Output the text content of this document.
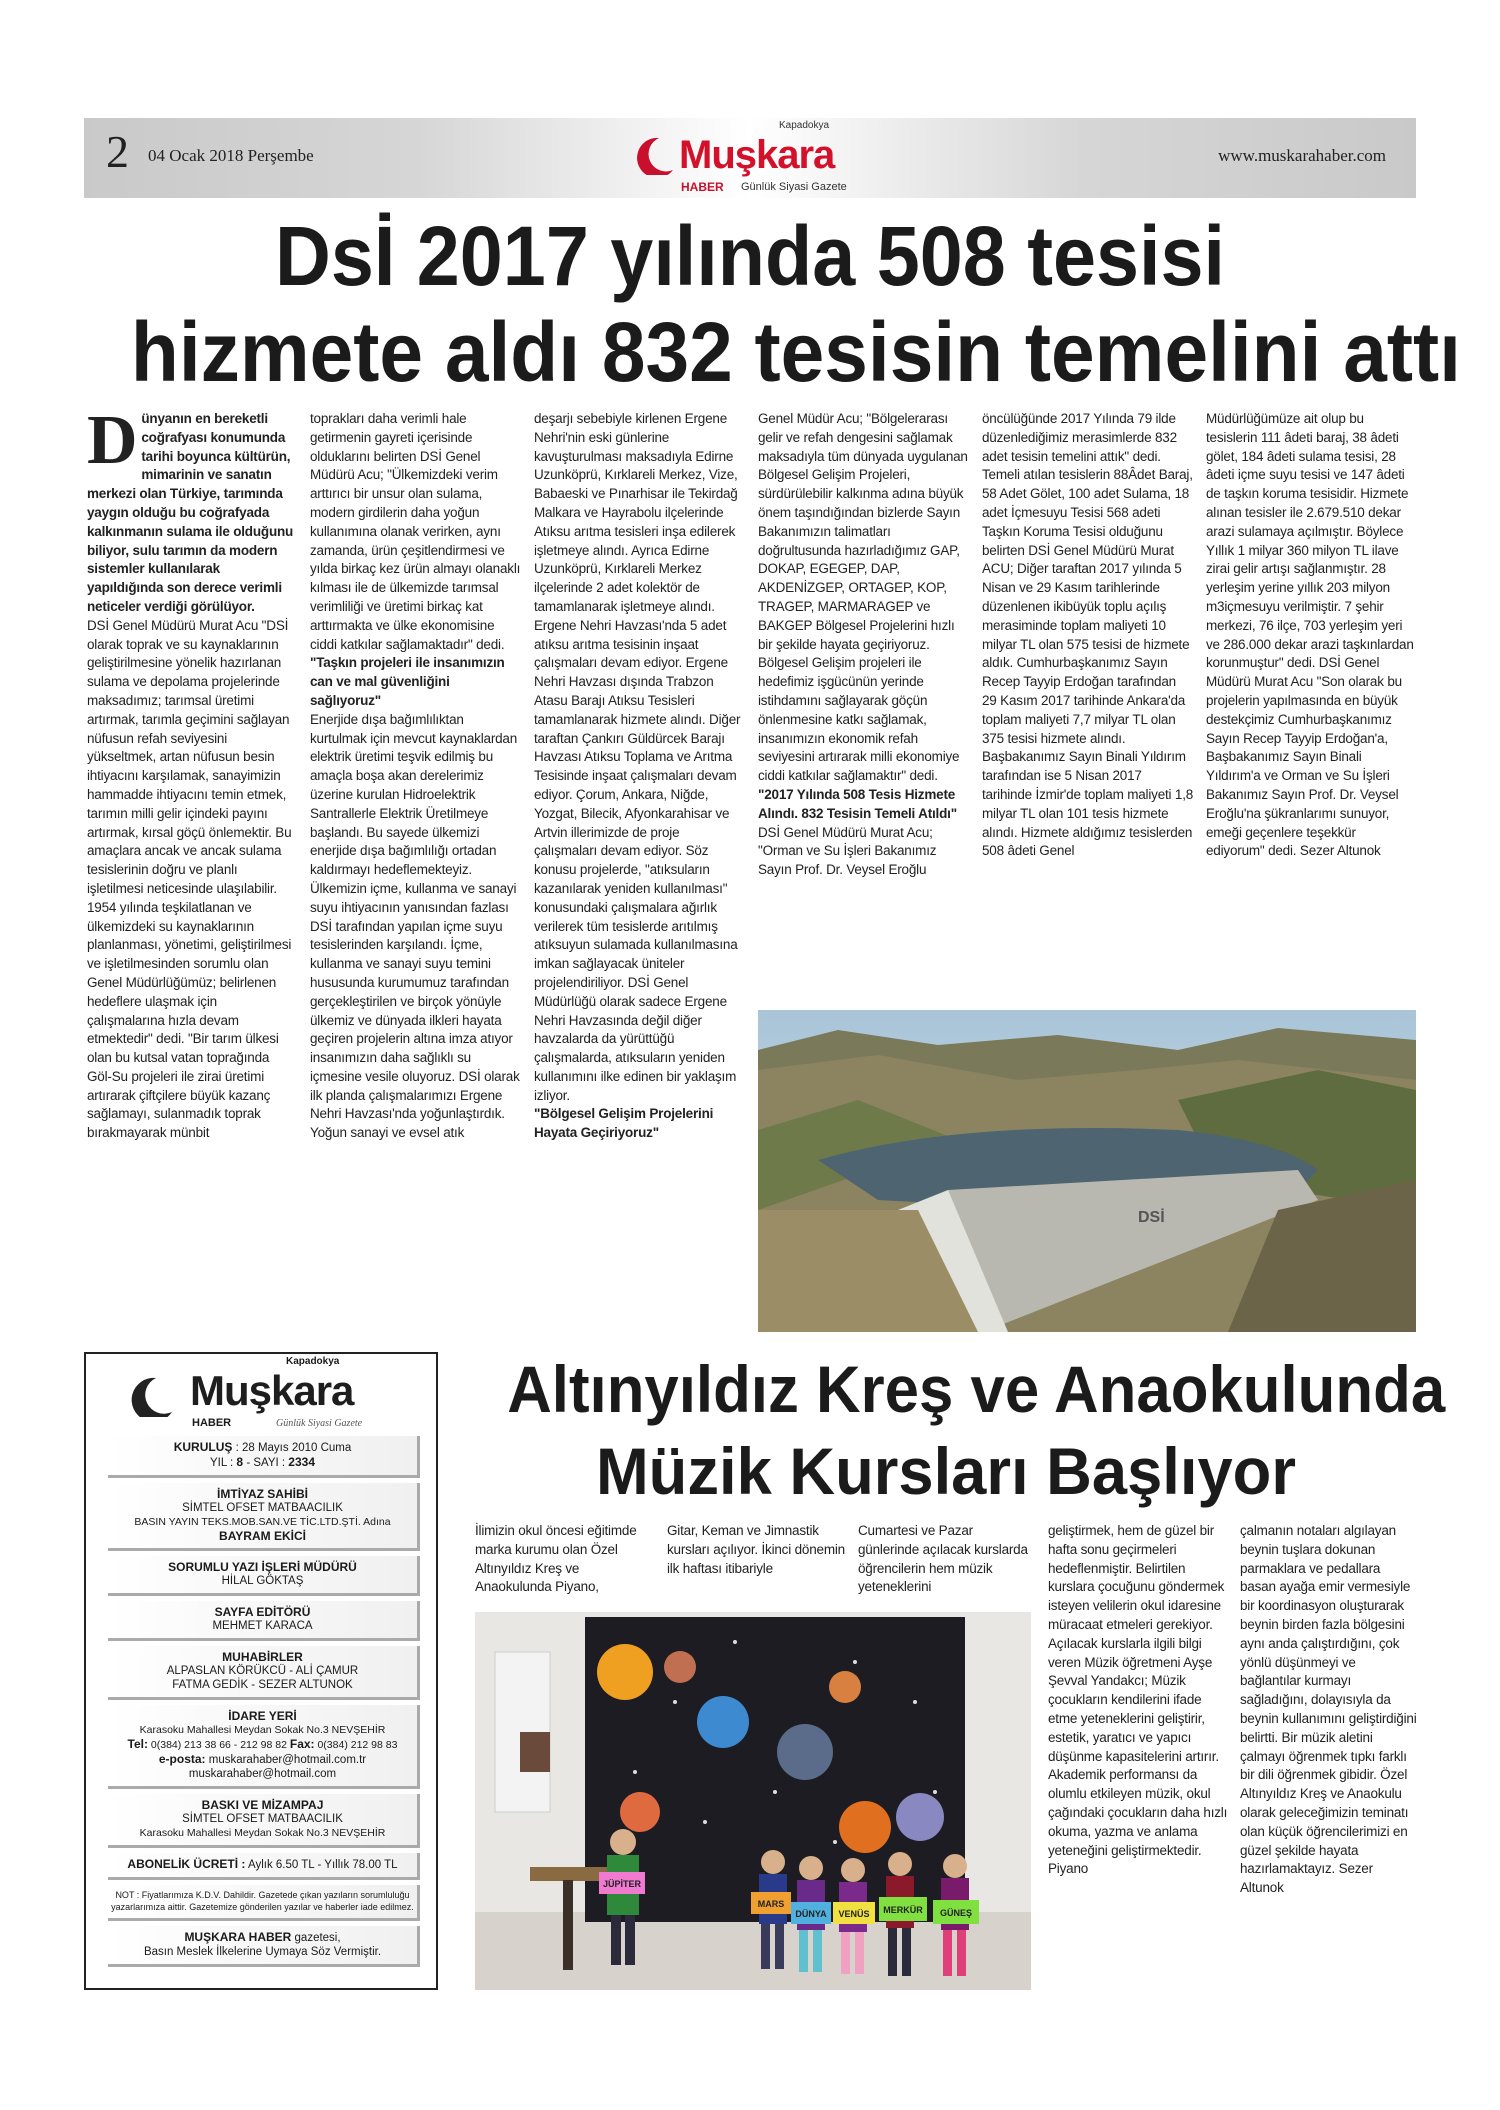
2 04 Ocak 2018 Perşembe
Kapadokya
Muşkara
HABER Günlük Siyasi Gazete
www.muskarahaber.com
Dsİ 2017 yılında 508 tesisi
hizmete aldı 832 tesisin temelini attı
D ünyanın en bereketli coğrafyası konumunda tarihi boyunca kültürün, mimarinin ve sanatın merkezi olan Türkiye, tarımında yaygın olduğu bu coğrafyada kalkınmanın sulama ile olduğunu biliyor, sulu tarımın da modern sistemler kullanılarak yapıldığında son derece verimli neticeler verdiği görülüyor.

DSİ Genel Müdürü Murat Acu "DSİ olarak toprak ve su kaynaklarının geliştirilmesine yönelik hazırlanan sulama ve depolama projelerinde maksadımız; tarımsal üretimi artırmak, tarımla geçimini sağlayan nüfusun refah seviyesini yükseltmek, artan nüfusun besin ihtiyacını karşılamak, sanayimizin hammadde ihtiyacını temin etmek, tarımın milli gelir içindeki payını artırmak, kırsal göçü önlemektir. Bu amaçlara ancak ve ancak sulama tesislerinin doğru ve planlı işletilmesi neticesinde ulaşılabilir. 1954 yılında teşkilatlanan ve ülkemizdeki su kaynaklarının planlanması, yönetimi, geliştirilmesi ve işletilmesinden sorumlu olan Genel Müdürlüğümüz; belirlenen hedeflere ulaşmak için çalışmalarına hızla devam etmektedir" dedi. "Bir tarım ülkesi olan bu kutsal vatan toprağında Göl-Su projeleri ile zirai üretimi artırarak çiftçilere büyük kazanç sağlamayı, sulanmadık toprak bırakmayarak münbit

toprakları daha verimli hale getirmenin gayreti içerisinde olduklarını belirten DSİ Genel Müdürü Acu; "Ülkemizdeki verim arttırıcı bir unsur olan sulama, modern girdilerin daha yoğun kullanımına olanak verirken, aynı zamanda, ürün çeşitlendirmesi ve yılda birkaç kez ürün almayı olanaklı kılması ile de ülkemizde tarımsal verimliliği ve üretimi birkaç kat arttırmakta ve ülke ekonomisine ciddi katkılar sağlamaktadır" dedi.

"Taşkın projeleri ile insanımızın can ve mal güvenliğini sağlıyoruz"

Enerjide dışa bağımlılıktan kurtulmak için mevcut kaynaklardan elektrik üretimi teşvik edilmiş bu amaçla boşa akan derelerimiz üzerine kurulan Hidroelektrik Santrallerle Elektrik Üretilmeye başlandı. Bu sayede ülkemizi enerjide dışa bağımlılığı ortadan kaldırmayı hedeflemekteyiz. Ülkemizin içme, kullanma ve sanayi suyu ihtiyacının yanısından fazlası DSİ tarafından yapılan içme suyu tesislerinden karşılandı. İçme, kullanma ve sanayi suyu temini hususunda kurumumuz tarafından gerçekleştirilen ve birçok yönüyle ülkemiz ve dünyada ilkleri hayata geçiren projelerin altına imza atıyor insanımızın daha sağlıklı su içmesine vesile oluyoruz. DSİ olarak ilk planda çalışmalarımızı Ergene Nehri Havzası'nda yoğunlaştırdık. Yoğun sanayi ve evsel atık

deşarjı sebebiyle kirlenen Ergene Nehri'nin eski günlerine kavuşturulması maksadıyla Edirne Uzunköprü, Kırklareli Merkez, Vize, Babaeski ve Pınarhisar ile Tekirdağ Malkara ve Hayrabolu ilçelerinde Atıksu arıtma tesisleri inşa edilerek işletmeye alındı. Ayrıca Edirne Uzunköprü, Kırklareli Merkez ilçelerinde 2 adet kolektör de tamamlanarak işletmeye alındı. Ergene Nehri Havzası'nda 5 adet atıksu arıtma tesisinin inşaat çalışmaları devam ediyor. Ergene Nehri Havzası dışında Trabzon Atasu Barajı Atıksu Tesisleri tamamlanarak hizmete alındı. Diğer taraftan Çankırı Güldürcek Barajı Havzası Atıksu Toplama ve Arıtma Tesisinde inşaat çalışmaları devam ediyor. Çorum, Ankara, Niğde, Yozgat, Bilecik, Afyonkarahisar ve Artvin illerimizde de proje çalışmaları devam ediyor. Söz konusu projelerde, "atıksuların kazanılarak yeniden kullanılması" konusundaki çalışmalara ağırlık verilerek tüm tesislerde arıtılmış atıksuyun sulamada kullanılmasına imkan sağlayacak üniteler projelendiriliyor. DSİ Genel Müdürlüğü olarak sadece Ergene Nehri Havzasında değil diğer havzalarda da yürüttüğü çalışmalarda, atıksuların yeniden kullanımını ilke edinen bir yaklaşım izliyor.

"Bölgesel Gelişim Projelerini Hayata Geçiriyoruz"

Genel Müdür Acu; "Bölgelerarası gelir ve refah dengesini sağlamak maksadıyla tüm dünyada uygulanan Bölgesel Gelişim Projeleri, sürdürülebilir kalkınma adına büyük önem taşındığından bizlerde Sayın Bakanımızın talimatları doğrultusunda hazırladığımız GAP, DOKAP, EGEGEP, DAP, AKDENİZGEP, ORTAGEP, KOP, TRAGEP, MARMARAGEP ve BAKGEP Bölgesel Projelerini hızlı bir şekilde hayata geçiriyoruz. Bölgesel Gelişim projeleri ile hedefimiz işgücünün yerinde istihdamını sağlayarak göçün önlenmesine katkı sağlamak, insanımızın ekonomik refah seviyesini artırarak milli ekonomiye ciddi katkılar sağlamaktır" dedi.

"2017 Yılında 508 Tesis Hizmete Alındı. 832 Tesisin Temeli Atıldı"

DSİ Genel Müdürü Murat Acu; "Orman ve Su İşleri Bakanımız Sayın Prof. Dr. Veysel Eroğlu

öncülüğünde 2017 Yılında 79 ilde düzenlediğimiz merasimlerde 832 adet tesisin temelini attık" dedi. Temeli atılan tesislerin 88Âdet Baraj, 58 Adet Gölet, 100 adet Sulama, 18 adet İçmesuyu Tesisi 568 adeti Taşkın Koruma Tesisi olduğunu belirten DSİ Genel Müdürü Murat ACU; Diğer taraftan 2017 yılında 5 Nisan ve 29 Kasım tarihlerinde düzenlenen ikibüyük toplu açılış merasiminde toplam maliyeti 10 milyar TL olan 575 tesisi de hizmete aldık. Cumhurbaşkanımız Sayın Recep Tayyip Erdoğan tarafından 29 Kasım 2017 tarihinde Ankara'da toplam maliyeti 7,7 milyar TL olan 375 tesisi hizmete alındı. Başbakanımız Sayın Binali Yıldırım tarafından ise 5 Nisan 2017 tarihinde İzmir'de toplam maliyeti 1,8 milyar TL olan 101 tesis hizmete alındı. Hizmete aldığımız tesislerden 508 âdeti Genel

Müdürlüğümüze ait olup bu tesislerin 111 âdeti baraj, 38 âdeti gölet, 184 âdeti sulama tesisi, 28 âdeti içme suyu tesisi ve 147 âdeti de taşkın koruma tesisidir. Hizmete alınan tesisler ile 2.679.510 dekar arazi sulamaya açılmıştır. Böylece Yıllık 1 milyar 360 milyon TL ilave zirai gelir artışı sağlanmıştır. 28 yerleşim yerine yıllık 203 milyon m3içmesuyu verilmiştir. 7 şehir merkezi, 76 ilçe, 703 yerleşim yeri ve 286.000 dekar arazi taşkınlardan korunmuştur" dedi. DSİ Genel Müdürü Murat Acu "Son olarak bu projelerin yapılmasında en büyük destekçimiz Cumhurbaşkanımız Sayın Recep Tayyip Erdoğan'a, Başbakanımız Sayın Binali Yıldırım'a ve Orman ve Su İşleri Bakanımız Sayın Prof. Dr. Veysel Eroğlu'na şükranlarımı sunuyor, emeği geçenlere teşekkür ediyorum" dedi. Sezer Altunok

DSİ
Kapadokya
Muşkara
HABER	Günlük Siyasi Gazete
KURULUŞ : 28 Mayıs 2010 Cuma
YIL : 8 - SAYI : 2334
İMTİYAZ SAHİBİ
SİMTEL OFSET MATBAACILIK
BASIN YAYIN TEKS.MOB.SAN.VE TİC.LTD.ŞTİ. Adına
BAYRAM EKİCİ
SORUMLU YAZI İŞLERİ MÜDÜRÜ
HİLAL GÖKTAŞ
SAYFA EDİTÖRÜ
MEHMET KARACA
MUHABİRLER
ALPASLAN KÖRÜKCÜ - ALİ ÇAMUR
FATMA GEDİK - SEZER ALTUNOK
İDARE YERİ
Karasoku Mahallesi Meydan Sokak No.3 NEVŞEHİR
Tel: 0(384) 213 38 66 - 212 98 82 Fax: 0(384) 212 98 83
e-posta: muskarahaber@hotmail.com.tr
muskarahaber@hotmail.com
BASKI VE MİZAMPAJ
SİMTEL OFSET MATBAACILIK
Karasoku Mahallesi Meydan Sokak No.3 NEVŞEHİR
ABONELİK ÜCRETİ : Aylık 6.50 TL - Yıllık 78.00 TL
NOT : Fiyatlarımıza K.D.V. Dahildir. Gazetede çıkan yazıların sorumluluğu yazarlarımıza aittir. Gazetemize gönderilen yazılar ve haberler iade edilmez.
MUŞKARA HABER gazetesi,
Basın Meslek İlkelerine Uymaya Söz Vermiştir.
Altınyıldız Kreş ve Anaokulunda
Müzik Kursları Başlıyor

İlimizin okul öncesi eğitimde marka kurumu olan Özel Altınyıldız Kreş ve Anaokulunda Piyano,

Gitar, Keman ve Jimnastik kursları açılıyor. İkinci dönemin ilk haftası itibariyle

Cumartesi ve Pazar günlerinde açılacak kurslarda öğrencilerin hem müzik yeteneklerini

geliştirmek, hem de güzel bir hafta sonu geçirmeleri hedeflenmiştir. Belirtilen kurslara çocuğunu göndermek isteyen velilerin okul idaresine müracaat etmeleri gerekiyor. Açılacak kurslarla ilgili bilgi veren Müzik öğretmeni Ayşe Şevval Yandakcı; Müzik çocukların kendilerini ifade etme yeteneklerini geliştirir, estetik, yaratıcı ve yapıcı düşünme kapasitelerini artırır. Akademik performansı da olumlu etkileyen müzik, okul çağındaki çocukların daha hızlı okuma, yazma ve anlama yeteneğini geliştirmektedir. Piyano

çalmanın notaları algılayan beynin tuşlara dokunan parmaklara ve pedallara basan ayağa emir vermesiyle bir koordinasyon oluşturarak beynin birden fazla bölgesini aynı anda çalıştırdığını, çok yönlü düşünmeyi ve bağlantılar kurmayı sağladığını, dolayısıyla da beynin kullanımını geliştirdiğini belirtti. Bir müzik aletini çalmayı öğrenmek tıpkı farklı bir dili öğrenmek gibidir. Özel Altınyıldız Kreş ve Anaokulu olarak geleceğimizin teminatı olan küçük öğrencilerimizi en güzel şekilde hayata hazırlamaktayız. Sezer Altunok

JÜPİTER
MARS
DÜNYA VENÜS MERKÜR GÜNEŞ
